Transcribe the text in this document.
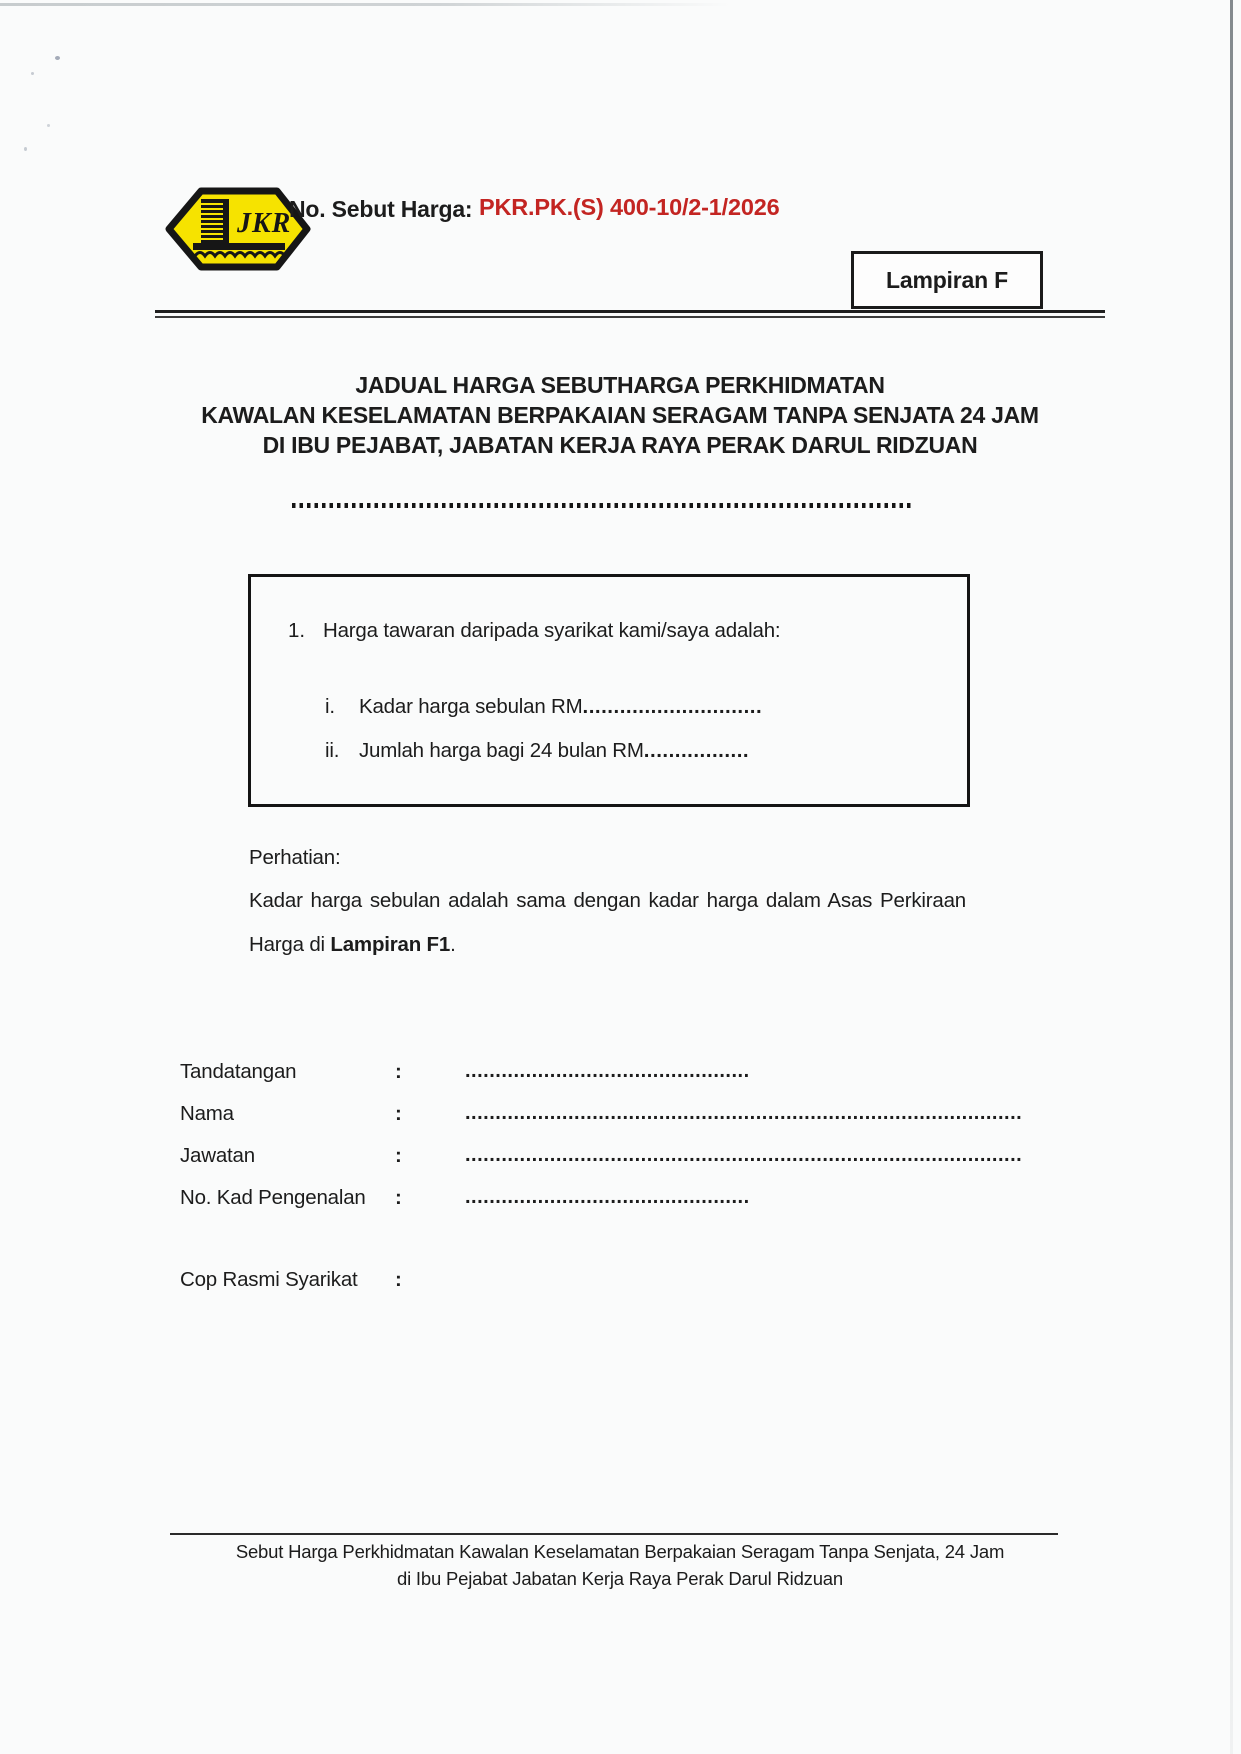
JKR
No. Sebut Harga: PKR.PK.(S) 400-10/2-1/2026
Lampiran F
JADUAL HARGA SEBUTHARGA PERKHIDMATAN
KAWALAN KESELAMATAN BERPAKAIAN SERAGAM TANPA SENJATA 24 JAM
DI IBU PEJABAT, JABATAN KERJA RAYA PERAK DARUL RIDZUAN
1. Harga tawaran daripada syarikat kami/saya adalah:
i. Kadar harga sebulan RM.............................
ii. Jumlah harga bagi 24 bulan RM.................
Perhatian:
Kadar harga sebulan adalah sama dengan kadar harga dalam Asas Perkiraan
Harga di Lampiran F1.
Tandatangan	:	...............................................
Nama	:	............................................................................................
Jawatan	:	............................................................................................
No. Kad Pengenalan :	...............................................
Cop Rasmi Syarikat :
Sebut Harga Perkhidmatan Kawalan Keselamatan Berpakaian Seragam Tanpa Senjata, 24 Jam
di Ibu Pejabat Jabatan Kerja Raya Perak Darul Ridzuan
